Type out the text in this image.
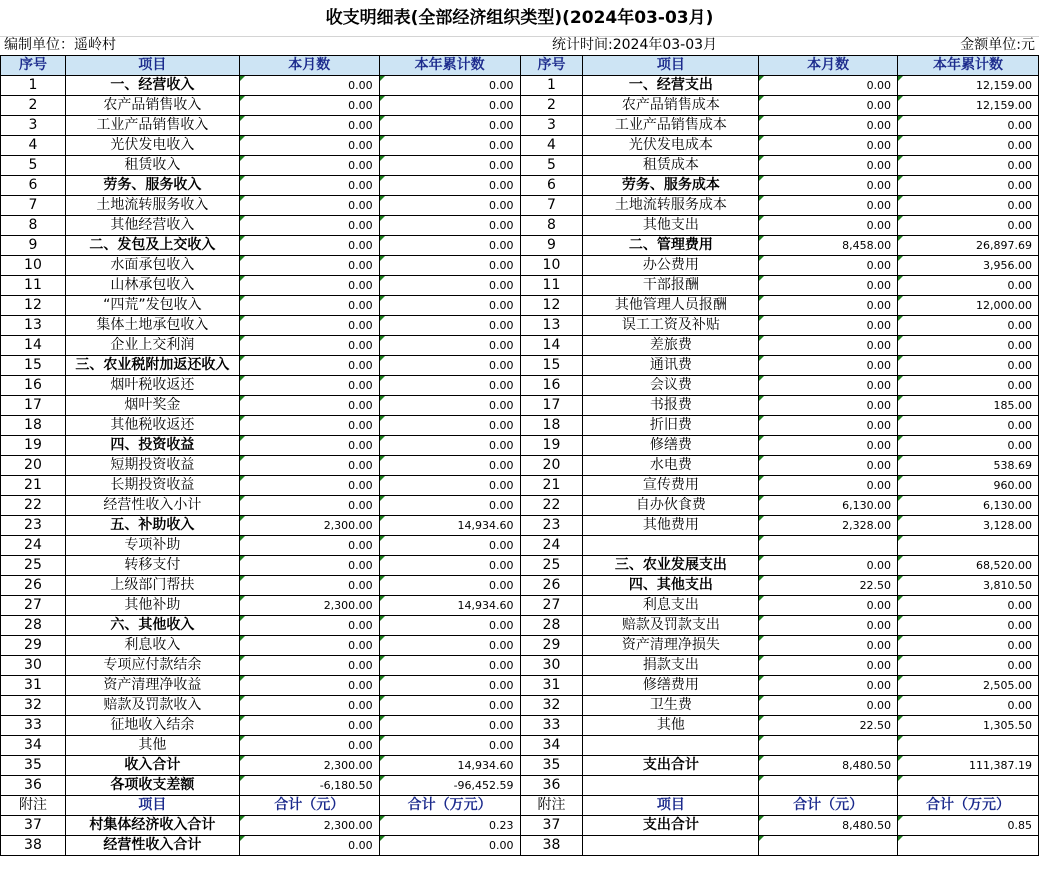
收支明细表(全部经济组织类型)(2024年03-03月)
编制单位：遥岭村	统计时间:2024年03-03月	金额单位:元
序号	项目	本月数	本年累计数	序号	项目	本月数	本年累计数
1	一、经营收入	0.00	0.00	1	一、经营支出	0.00	12,159.00
2	农产品销售收入	0.00	0.00	2	农产品销售成本	0.00	12,159.00
3	工业产品销售收入	0.00	0.00	3	工业产品销售成本	0.00	0.00
4	光伏发电收入	0.00	0.00	4	光伏发电成本	0.00	0.00
5	租赁收入	0.00	0.00	5	租赁成本	0.00	0.00
6	劳务、服务收入	0.00	0.00	6	劳务、服务成本	0.00	0.00
7	土地流转服务收入	0.00	0.00	7	土地流转服务成本	0.00	0.00
8	其他经营收入	0.00	0.00	8	其他支出	0.00	0.00
9	二、发包及上交收入	0.00	0.00	9	二、管理费用	8,458.00	26,897.69
10	水面承包收入	0.00	0.00	10	办公费用	0.00	3,956.00
11	山林承包收入	0.00	0.00	11	干部报酬	0.00	0.00
12	“四荒”发包收入	0.00	0.00	12	其他管理人员报酬	0.00	12,000.00
13	集体土地承包收入	0.00	0.00	13	误工工资及补贴	0.00	0.00
14	企业上交利润	0.00	0.00	14	差旅费	0.00	0.00
15	三、农业税附加返还收入	0.00	0.00	15	通讯费	0.00	0.00
16	烟叶税收返还	0.00	0.00	16	会议费	0.00	0.00
17	烟叶奖金	0.00	0.00	17	书报费	0.00	185.00
18	其他税收返还	0.00	0.00	18	折旧费	0.00	0.00
19	四、投资收益	0.00	0.00	19	修缮费	0.00	0.00
20	短期投资收益	0.00	0.00	20	水电费	0.00	538.69
21	长期投资收益	0.00	0.00	21	宣传费用	0.00	960.00
22	经营性收入小计	0.00	0.00	22	自办伙食费	6,130.00	6,130.00
23	五、补助收入	2,300.00	14,934.60	23	其他费用	2,328.00	3,128.00
24	专项补助	0.00	0.00	24			
25	转移支付	0.00	0.00	25	三、农业发展支出	0.00	68,520.00
26	上级部门帮扶	0.00	0.00	26	四、其他支出	22.50	3,810.50
27	其他补助	2,300.00	14,934.60	27	利息支出	0.00	0.00
28	六、其他收入	0.00	0.00	28	赔款及罚款支出	0.00	0.00
29	利息收入	0.00	0.00	29	资产清理净损失	0.00	0.00
30	专项应付款结余	0.00	0.00	30	捐款支出	0.00	0.00
31	资产清理净收益	0.00	0.00	31	修缮费用	0.00	2,505.00
32	赔款及罚款收入	0.00	0.00	32	卫生费	0.00	0.00
33	征地收入结余	0.00	0.00	33	其他	22.50	1,305.50
34	其他	0.00	0.00	34			
35	收入合计	2,300.00	14,934.60	35	支出合计	8,480.50	111,387.19
36	各项收支差额	-6,180.50	-96,452.59	36			
附注	项目	合计（元）	合计（万元）	附注	项目	合计（元）	合计（万元）
37	村集体经济收入合计	2,300.00	0.23	37	支出合计	8,480.50	0.85
38	经营性收入合计	0.00	0.00	38			
